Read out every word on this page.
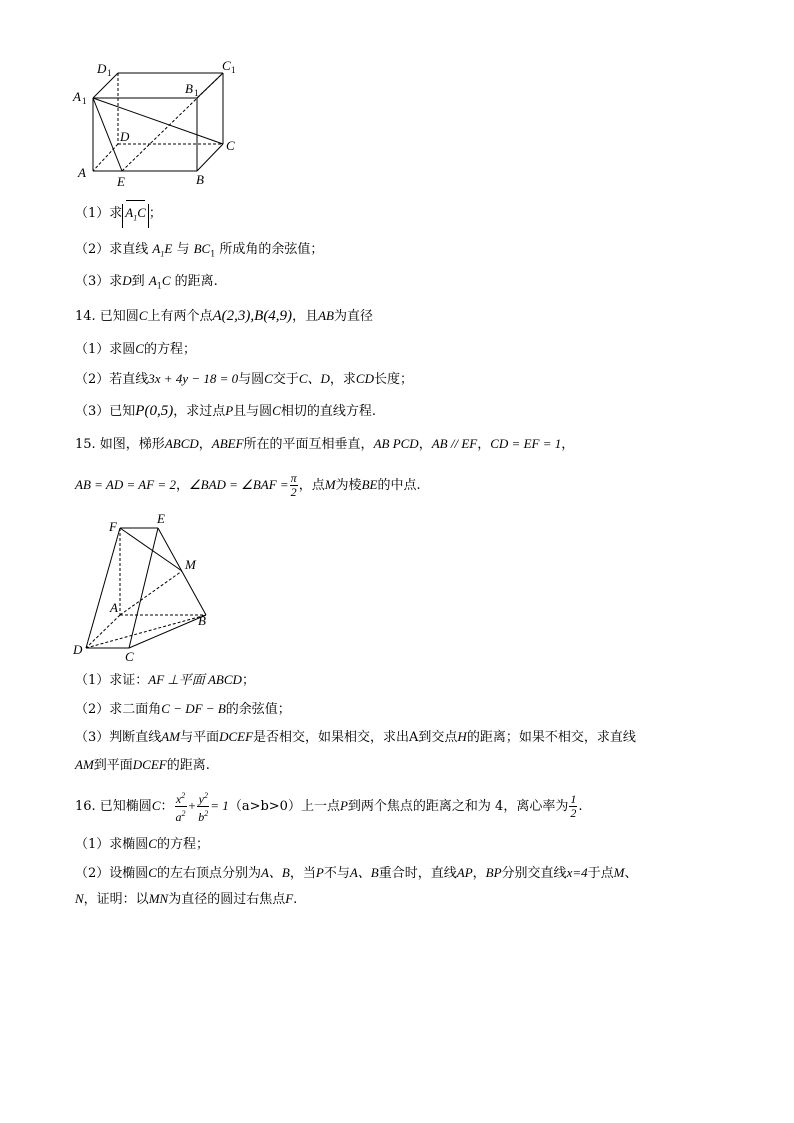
D 1	C 1
A 1
B 1
D
C
A
E	B
（1）求 $A_1C$ ；
（2）求直线 $A_1E$ 与 $BC_1$ 所成角的余弦值；
（3）求D到 $A_1C$ 的距离.
14. 已知圆C上有两个点A(2,3),B(4,9)，且AB为直径
（1）求圆C的方程；
（2）若直线3x + 4y − 18 = 0与圆C交于C、D，求CD长度；
（3）已知P(0,5)，求过点P且与圆C相切的直线方程.
15. 如图，梯形ABCD，ABEF所在的平面互相垂直，AB PCD，AB // EF，CD = EF = 1，
AB = AD = AF = 2，∠BAD = ∠BAF = $\frac{\pi}{2}$ ，点M为棱BE的中点.
F
E
M
A
B
D	C
（1）求证：AF ⊥平面 ABCD；
（2）求二面角C − DF − B的余弦值；
（3）判断直线AM与平面DCEF是否相交，如果相交，求出A到交点H的距离；如果不相交，求直线
AM到平面DCEF的距离.
16. 已知椭圆C： $\frac{x^2}{a^2} + \frac{y^2}{b^2} = 1(a>b>0)$上一点P到两个焦点的距离之和为 4，离心率为 $\frac{1}{2}$ .
（1）求椭圆C的方程；
（2）设椭圆C的左右顶点分别为A、B，当P不与A、B重合时，直线AP，BP分别交直线x=4于点M、
N，证明：以MN为直径的圆过右焦点F.
